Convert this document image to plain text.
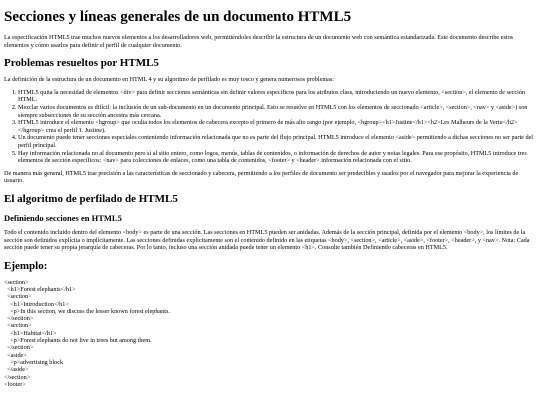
Secciones y líneas generales de un documento HTML5

La especificación HTML5 trae muchos nuevos elementos a los desarrolladores web, permitiéndoles describir la estructura de un documento web con semántica estandarizada. Este documento describe estos elementos y cómo usarlos para definir el perfil de cualquier documento.

Problemas resueltos por HTML5

La definición de la estructura de un documento en HTML 4 y su algoritmo de perfilado es muy tosco y genera numerosos problemas:

1. HTML5 quita la necesidad de elementos <div> para definir secciones semánticas sin definir valores específicos para los atributos class, introduciendo un nuevo elemento, <section>, el elemento de sección HTML.
2. Mezclar varios documentos es difícil: la inclusión de un sub-documento en un documento principal. Esto se resuelve en HTML5 con los elementos de seccionado <article>, <section>, <nav> y <aside>) son siempre subsecciones de su sección ancestra más cercana.
3. HTML5 introduce el elemento <hgroup> que oculta todos los elementos de cabecera excepto el primero de más alto rango (por ejemplo, <hgroup><h1>Justine</h1><h2>Les Malheurs de la Vertu</h2></hgroup> crea el perfil 1. Justine).
4. Un documento puede tener secciones especiales conteniendo información relacionada que no es parte del flujo principal. HTML5 introduce el elemento <aside> permitiendo a dichas secciones no ser parte del perfil principal.
5. Hay información relacionada no al documento pero sí al sitio entero, como logos, menús, tablas de contenidos, o información de derechos de autor y notas legales. Para ese propósito, HTML5 introduce tres elementos de sección específicos: <nav> para colecciones de enlaces, como una tabla de contenidos, <footer> y <header> información relacionada con el sitio.

De manera más general, HTML5 trae precisión a las características de seccionado y cabecera, permitiendo a los perfiles de documento ser predecibles y usados por el navegador para mejorar la experiencia de usuario.

El algoritmo de perfilado de HTML5
Definiendo secciones en HTML5

Todo el contenido incluido dentro del elemento <body> es parte de una sección. Las secciones en HTML5 pueden ser anidadas. Además de la sección principal, definida por el elemento <body>, los límites de la sección son definidos explícita o implícitamente. Las secciones definidas explícitamente son el contenido definido en las etiquetas <body>, <section>, <article>, <aside>, <footer>, <header>, y <nav>. Nota: Cada sección puede tener su propia jerarquía de cabeceras. Por lo tanto, incluso una sección anidada puede tener un elemento <h1>. Consulte también Definiendo cabeceras en HTML5.

Ejemplo:
<section>
<h1>Forest elephants</h1>
<section>
<h1>Introduction</h1>
<p>In this section, we discuss the lesser known forest elephants.
</section>
<section>
<h1>Habitat</h1>
<p>Forest elephants do not live in trees but among them.
</section>
<aside>
<p>advertising block
</aside>
</section>
<footer>
